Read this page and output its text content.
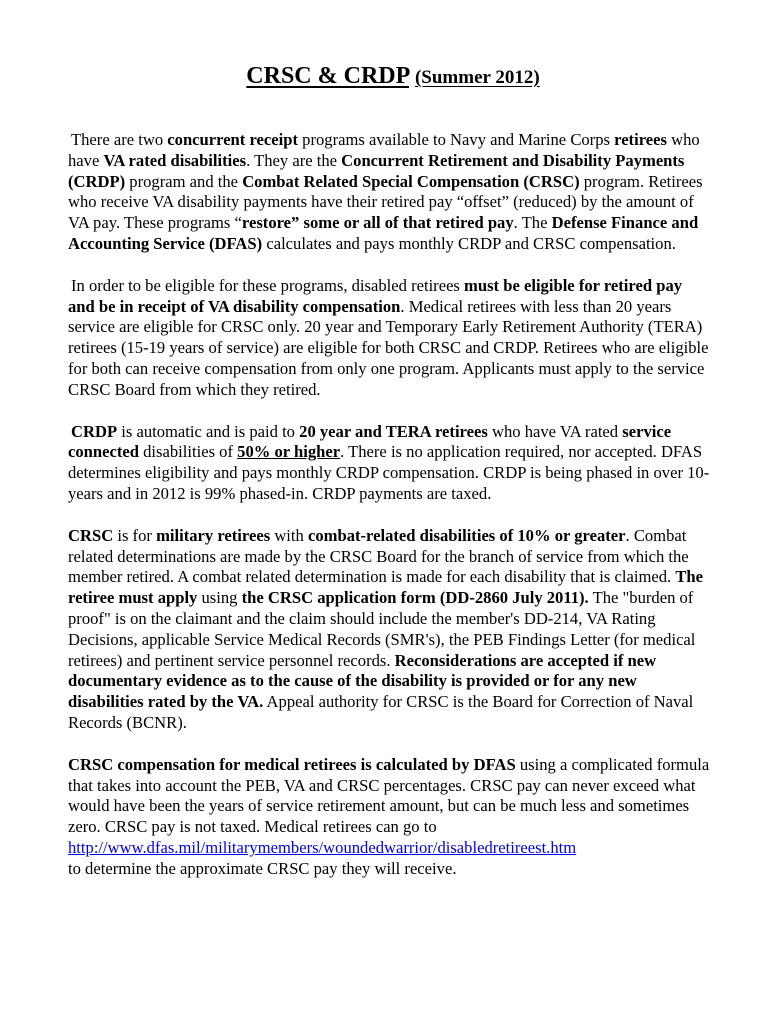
CRSC & CRDP (Summer 2012)

There are two concurrent receipt programs available to Navy and Marine Corps retirees who have VA rated disabilities. They are the Concurrent Retirement and Disability Payments (CRDP) program and the Combat Related Special Compensation (CRSC) program. Retirees who receive VA disability payments have their retired pay “offset” (reduced) by the amount of VA pay. These programs “restore” some or all of that retired pay. The Defense Finance and Accounting Service (DFAS) calculates and pays monthly CRDP and CRSC compensation.

In order to be eligible for these programs, disabled retirees must be eligible for retired pay and be in receipt of VA disability compensation. Medical retirees with less than 20 years service are eligible for CRSC only. 20 year and Temporary Early Retirement Authority (TERA) retirees (15-19 years of service) are eligible for both CRSC and CRDP. Retirees who are eligible for both can receive compensation from only one program. Applicants must apply to the service CRSC Board from which they retired.

CRDP is automatic and is paid to 20 year and TERA retirees who have VA rated service connected disabilities of 50% or higher. There is no application required, nor accepted. DFAS determines eligibility and pays monthly CRDP compensation. CRDP is being phased in over 10-years and in 2012 is 99% phased-in. CRDP payments are taxed.

CRSC is for military retirees with combat-related disabilities of 10% or greater. Combat related determinations are made by the CRSC Board for the branch of service from which the member retired. A combat related determination is made for each disability that is claimed. The retiree must apply using the CRSC application form (DD-2860 July 2011). The "burden of proof" is on the claimant and the claim should include the member's DD-214, VA Rating Decisions, applicable Service Medical Records (SMR's), the PEB Findings Letter (for medical retirees) and pertinent service personnel records. Reconsiderations are accepted if new documentary evidence as to the cause of the disability is provided or for any new disabilities rated by the VA. Appeal authority for CRSC is the Board for Correction of Naval Records (BCNR).

CRSC compensation for medical retirees is calculated by DFAS using a complicated formula that takes into account the PEB, VA and CRSC percentages. CRSC pay can never exceed what would have been the years of service retirement amount, but can be much less and sometimes zero. CRSC pay is not taxed. Medical retirees can go to http://www.dfas.mil/militarymembers/woundedwarrior/disabledretireest.htm
to determine the approximate CRSC pay they will receive.
